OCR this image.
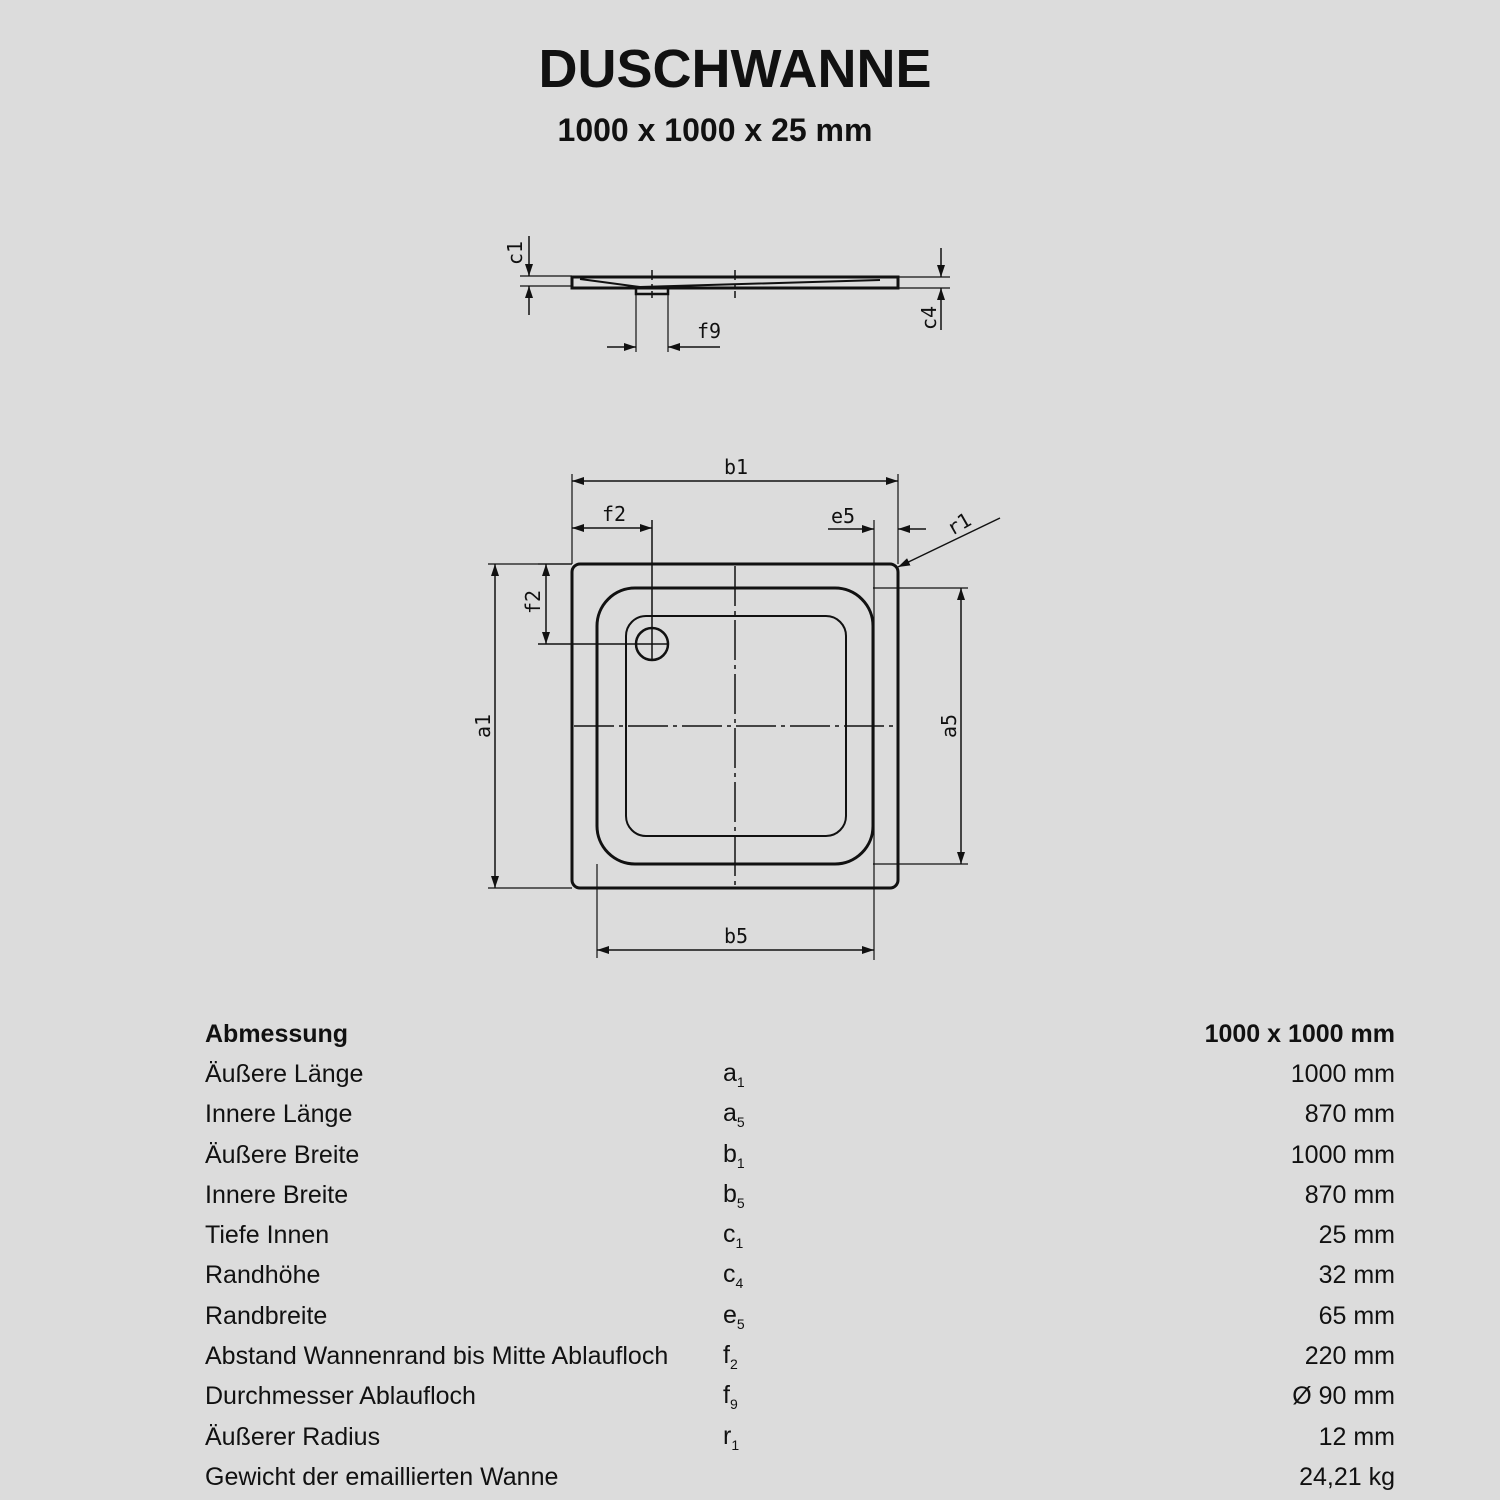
DUSCHWANNE
1000 x 1000 x 25 mm
c1
c4
f9
b1
f2	e5	r1
f2
a1	a5
b5
Abmessung		1000 x 1000 mm
Äußere Länge	$a_1$	1000 mm
Innere Länge	$a_5$	870 mm
Äußere Breite	$b_1$	1000 mm
Innere Breite	$b_5$	870 mm
Tiefe Innen	$c_1$	25 mm
Randhöhe	$c_4$	32 mm
Randbreite	$e_5$	65 mm
Abstand Wannenrand bis Mitte Ablaufloch	$f_2$	220 mm
Durchmesser Ablaufloch	$f_9$	Ø 90 mm
Äußerer Radius	$r_1$	12 mm
Gewicht der emaillierten Wanne		24,21 kg
